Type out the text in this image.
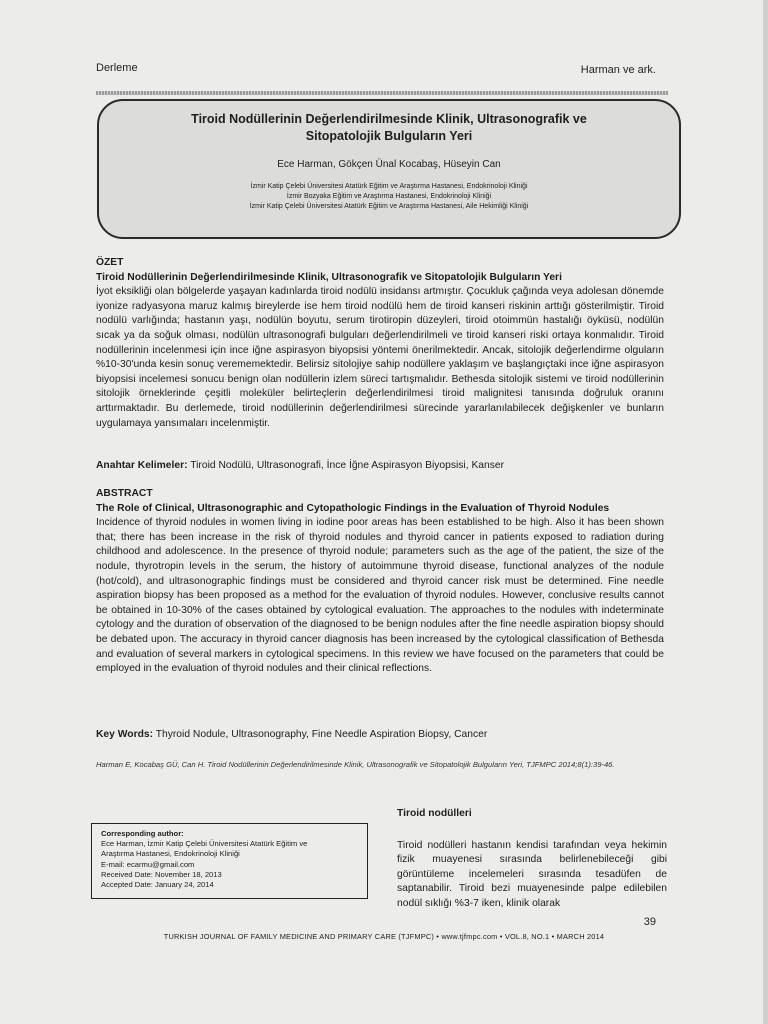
Derleme	Harman ve ark.
Tiroid Nodüllerinin Değerlendirilmesinde Klinik, Ultrasonografik ve
Sitopatolojik Bulguların Yeri
Ece Harman, Gökçen Ünal Kocabaş, Hüseyin Can
İzmir Katip Çelebi Üniversitesi Atatürk Eğitim ve Araştırma Hastanesi, Endokrinoloji Kliniği
İzmir Bozyaka Eğitim ve Araştırma Hastanesi, Endokrinoloji Kliniği
İzmir Katip Çelebi Üniversitesi Atatürk Eğitim ve Araştırma Hastanesi, Aile Hekimliği Kliniği
ÖZET
Tiroid Nodüllerinin Değerlendirilmesinde Klinik, Ultrasonografik ve Sitopatolojik Bulguların Yeri
İyot eksikliği olan bölgelerde yaşayan kadınlarda tiroid nodülü insidansı artmıştır. Çocukluk çağında veya adolesan dönemde iyonize radyasyona maruz kalmış bireylerde ise hem tiroid nodülü hem de tiroid kanseri riskinin arttığı gösterilmiştir. Tiroid nodülü varlığında; hastanın yaşı, nodülün boyutu, serum tirotiropin düzeyleri, tiroid otoimmün hastalığı öyküsü, nodülün sıcak ya da soğuk olması, nodülün ultrasonografi bulguları değerlendirilmeli ve tiroid kanseri riski ortaya konmalıdır. Tiroid nodüllerinin incelenmesi için ince iğne aspirasyon biyopsisi yöntemi önerilmektedir. Ancak, sitolojik değerlendirme olguların %10-30'unda kesin sonuç verememektedir. Belirsiz sitolojiye sahip nodüllere yaklaşım ve başlangıçtaki ince iğne aspirasyon biyopsisi incelemesi sonucu benign olan nodüllerin izlem süreci tartışmalıdır. Bethesda sitolojik sistemi ve tiroid nodüllerinin sitolojik örneklerinde çeşitli moleküler belirteçlerin değerlendirilmesi tiroid malignitesi tanısında doğruluk oranını arttırmaktadır. Bu derlemede, tiroid nodüllerinin değerlendirilmesi sürecinde yararlanılabilecek değişkenler ve bunların uygulamaya yansımaları incelenmiştir.
Anahtar Kelimeler: Tiroid Nodülü, Ultrasonografi, İnce İğne Aspirasyon Biyopsisi, Kanser
ABSTRACT
The Role of Clinical, Ultrasonographic and Cytopathologic Findings in the Evaluation of Thyroid Nodules
Incidence of thyroid nodules in women living in iodine poor areas has been established to be high. Also it has been shown that; there has been increase in the risk of thyroid nodules and thyroid cancer in patients exposed to radiation during childhood and adolescence. In the presence of thyroid nodule; parameters such as the age of the patient, the size of the nodule, thyrotropin levels in the serum, the history of autoimmune thyroid disease, functional analyzes of the nodule (hot/cold), and ultrasonographic findings must be considered and thyroid cancer risk must be determined. Fine needle aspiration biopsy has been proposed as a method for the evaluation of thyroid nodules. However, conclusive results cannot be obtained in 10-30% of the cases obtained by cytological evaluation. The approaches to the nodules with indeterminate cytology and the duration of observation of the diagnosed to be benign nodules after the fine needle aspiration biopsy should be debated upon. The accuracy in thyroid cancer diagnosis has been increased by the cytological classification of Bethesda and evaluation of several markers in cytological specimens. In this review we have focused on the parameters that could be employed in the evaluation of thyroid nodules and their clinical reflections.
Key Words: Thyroid Nodule, Ultrasonography, Fine Needle Aspiration Biopsy, Cancer
Harman E, Kocabaş GÜ, Can H. Tiroid Nodüllerinin Değerlendirilmesinde Klinik, Ultrasonografik ve Sitopatolojik Bulguların Yeri, TJFMPC 2014;8(1):39-46.
Tiroid nodülleri
Tiroid nodülleri hastanın kendisi tarafından veya hekimin fizik muayenesi sırasında belirlenebileceği gibi görüntüleme incelemeleri sırasında tesadüfen de saptanabilir. Tiroid bezi muayenesinde palpe edilebilen nodül sıklığı %3-7 iken, klinik olarak
Corresponding author:
Ece Harman, İzmir Katip Çelebi Üniversitesi Atatürk Eğitim ve
Araştırma Hastanesi, Endokrinoloji Kliniği
E-mail: ecarmu@gmail.com
Received Date: November 18, 2013
Accepted Date: January 24, 2014
39
TURKISH JOURNAL OF FAMILY MEDICINE AND PRIMARY CARE (TJFMPC) • www.tjfmpc.com • VOL.8, NO.1 • MARCH 2014
